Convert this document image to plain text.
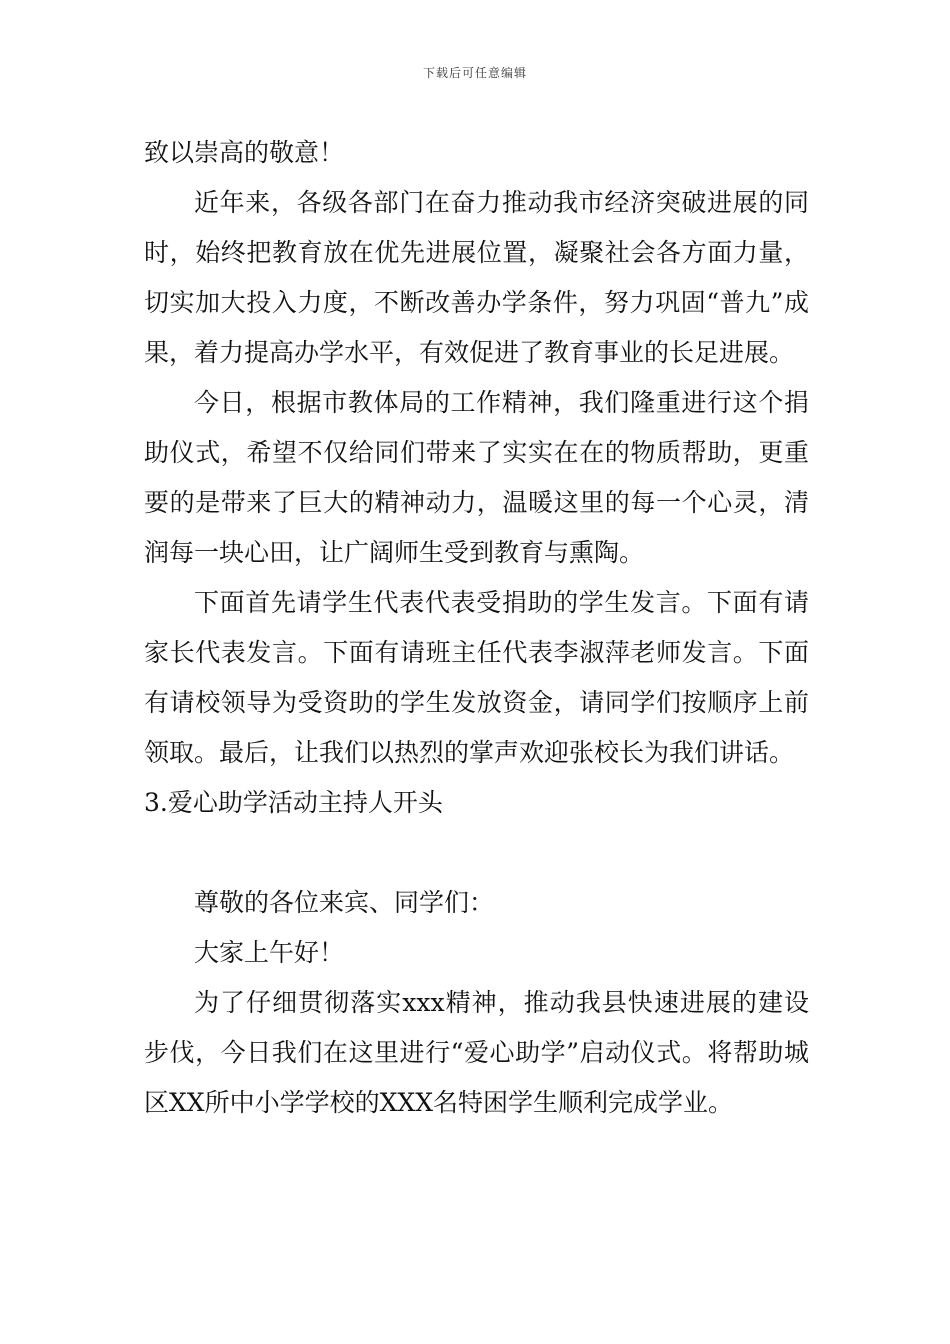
下载后可任意编辑

致以崇高的敬意！

近年来，各级各部门在奋力推动我市经济突破进展的同时，始终把教育放在优先进展位置，凝聚社会各方面力量，切实加大投入力度，不断改善办学条件，努力巩固“普九”成果，着力提高办学水平，有效促进了教育事业的长足进展。

今日，根据市教体局的工作精神，我们隆重进行这个捐助仪式，希望不仅给同们带来了实实在在的物质帮助，更重要的是带来了巨大的精神动力，温暖这里的每一个心灵，清润每一块心田，让广阔师生受到教育与熏陶。

下面首先请学生代表代表受捐助的学生发言。下面有请家长代表发言。下面有请班主任代表李淑萍老师发言。下面有请校领导为受资助的学生发放资金，请同学们按顺序上前领取。最后，让我们以热烈的掌声欢迎张校长为我们讲话。

3.爱心助学活动主持人开头

尊敬的各位来宾、同学们：

大家上午好！

为了仔细贯彻落实xxx精神，推动我县快速进展的建设步伐，今日我们在这里进行“爱心助学”启动仪式。将帮助城区XX所中小学学校的XXX名特困学生顺利完成学业。
